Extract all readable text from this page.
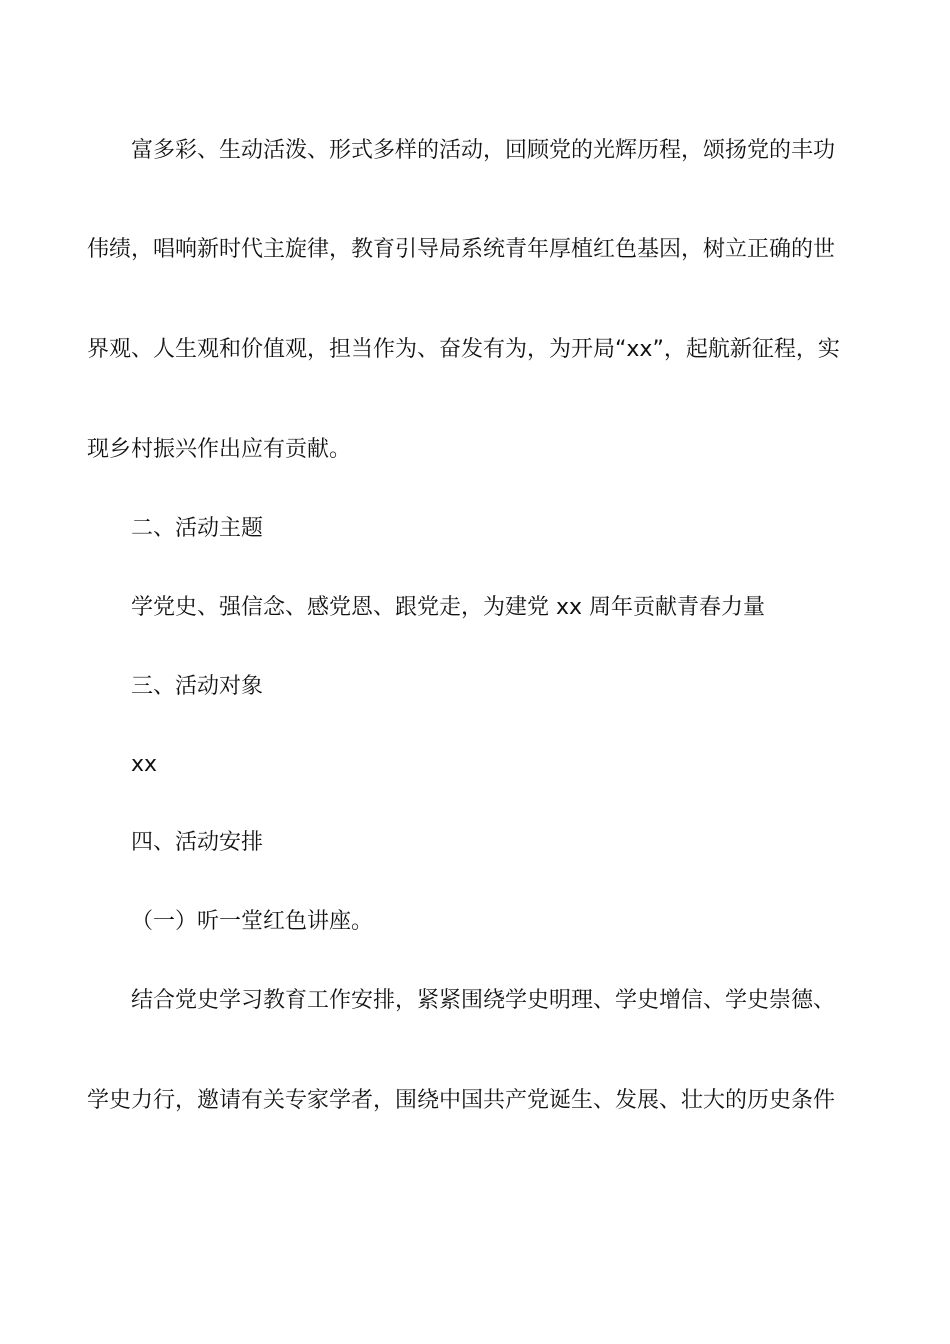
富多彩、生动活泼、形式多样的活动，回顾党的光辉历程，颂扬党的丰功

伟绩，唱响新时代主旋律，教育引导局系统青年厚植红色基因，树立正确的世

界观、人生观和价值观，担当作为、奋发有为，为开局“xx”，起航新征程，实

现乡村振兴作出应有贡献。

二、活动主题

学党史、强信念、感党恩、跟党走，为建党 xx 周年贡献青春力量

三、活动对象

xx

四、活动安排

（一）听一堂红色讲座。

结合党史学习教育工作安排，紧紧围绕学史明理、学史增信、学史崇德、

学史力行，邀请有关专家学者，围绕中国共产党诞生、发展、壮大的历史条件
